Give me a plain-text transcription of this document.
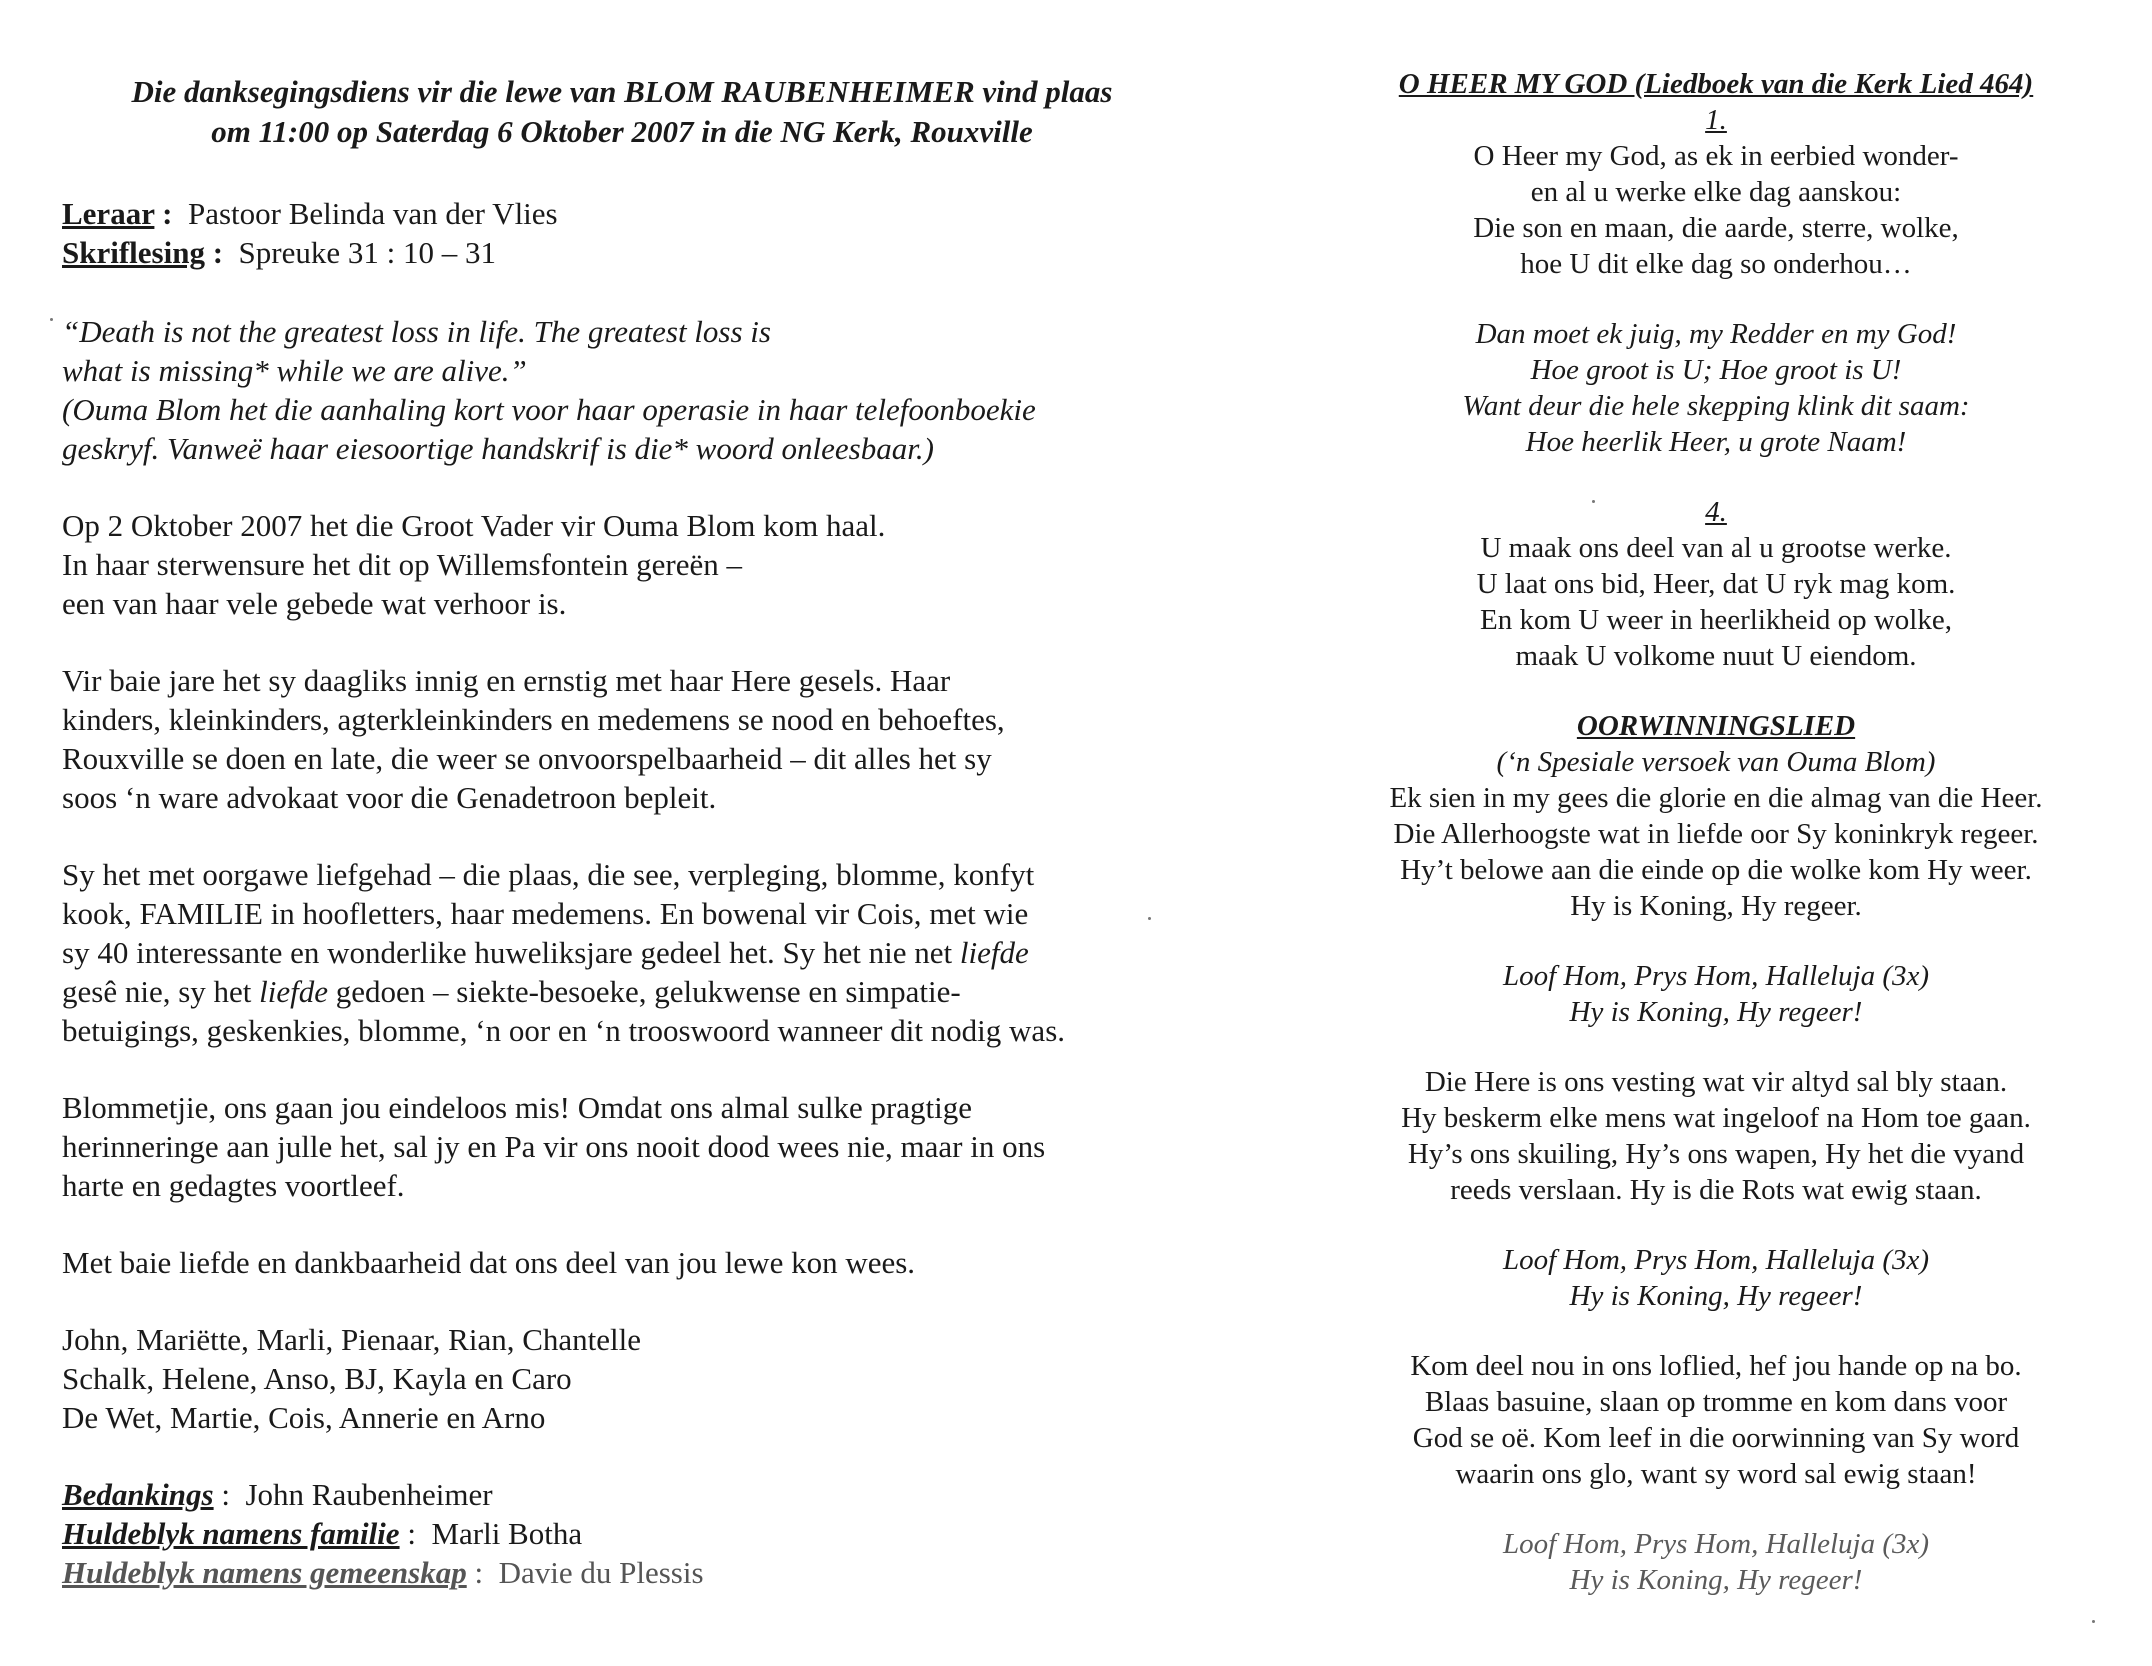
Die danksegingsdiens vir die lewe van BLOM RAUBENHEIMER vind plaas
om 11:00 op Saterdag 6 Oktober 2007 in die NG Kerk, Rouxville
Leraar : Pastoor Belinda van der Vlies
Skriflesing : Spreuke 31 : 10 – 31
“Death is not the greatest loss in life. The greatest loss is
what is missing* while we are alive.”
(Ouma Blom het die aanhaling kort voor haar operasie in haar telefoonboekie
geskryf. Vanweë haar eiesoortige handskrif is die* woord onleesbaar.)
Op 2 Oktober 2007 het die Groot Vader vir Ouma Blom kom haal.
In haar sterwensure het dit op Willemsfontein gereën –
een van haar vele gebede wat verhoor is.
Vir baie jare het sy daagliks innig en ernstig met haar Here gesels. Haar
kinders, kleinkinders, agterkleinkinders en medemens se nood en behoeftes,
Rouxville se doen en late, die weer se onvoorspelbaarheid – dit alles het sy
soos ‘n ware advokaat voor die Genadetroon bepleit.
Sy het met oorgawe liefgehad – die plaas, die see, verpleging, blomme, konfyt
kook, FAMILIE in hoofletters, haar medemens. En bowenal vir Cois, met wie
sy 40 interessante en wonderlike huweliksjare gedeel het. Sy het nie net liefde
gesê nie, sy het liefde gedoen – siekte-besoeke, gelukwense en simpatie-
betuigings, geskenkies, blomme, ‘n oor en ‘n trooswoord wanneer dit nodig was.
Blommetjie, ons gaan jou eindeloos mis! Omdat ons almal sulke pragtige
herinneringe aan julle het, sal jy en Pa vir ons nooit dood wees nie, maar in ons
harte en gedagtes voortleef.
Met baie liefde en dankbaarheid dat ons deel van jou lewe kon wees.
John, Mariëtte, Marli, Pienaar, Rian, Chantelle
Schalk, Helene, Anso, BJ, Kayla en Caro
De Wet, Martie, Cois, Annerie en Arno
Bedankings : John Raubenheimer
Huldeblyk namens familie : Marli Botha
Huldeblyk namens gemeenskap : Davie du Plessis
O HEER MY GOD (Liedboek van die Kerk Lied 464)
1.
O Heer my God, as ek in eerbied wonder-
en al u werke elke dag aanskou:
Die son en maan, die aarde, sterre, wolke,
hoe U dit elke dag so onderhou…
Dan moet ek juig, my Redder en my God!
Hoe groot is U; Hoe groot is U!
Want deur die hele skepping klink dit saam:
Hoe heerlik Heer, u grote Naam!
4.
U maak ons deel van al u grootse werke.
U laat ons bid, Heer, dat U ryk mag kom.
En kom U weer in heerlikheid op wolke,
maak U volkome nuut U eiendom.
OORWINNINGSLIED
(‘n Spesiale versoek van Ouma Blom)
Ek sien in my gees die glorie en die almag van die Heer.
Die Allerhoogste wat in liefde oor Sy koninkryk regeer.
Hy’t belowe aan die einde op die wolke kom Hy weer.
Hy is Koning, Hy regeer.
Loof Hom, Prys Hom, Halleluja (3x)
Hy is Koning, Hy regeer!
Die Here is ons vesting wat vir altyd sal bly staan.
Hy beskerm elke mens wat ingeloof na Hom toe gaan.
Hy’s ons skuiling, Hy’s ons wapen, Hy het die vyand
reeds verslaan. Hy is die Rots wat ewig staan.
Loof Hom, Prys Hom, Halleluja (3x)
Hy is Koning, Hy regeer!
Kom deel nou in ons loflied, hef jou hande op na bo.
Blaas basuine, slaan op tromme en kom dans voor
God se oë. Kom leef in die oorwinning van Sy word
waarin ons glo, want sy word sal ewig staan!
Loof Hom, Prys Hom, Halleluja (3x)
Hy is Koning, Hy regeer!
